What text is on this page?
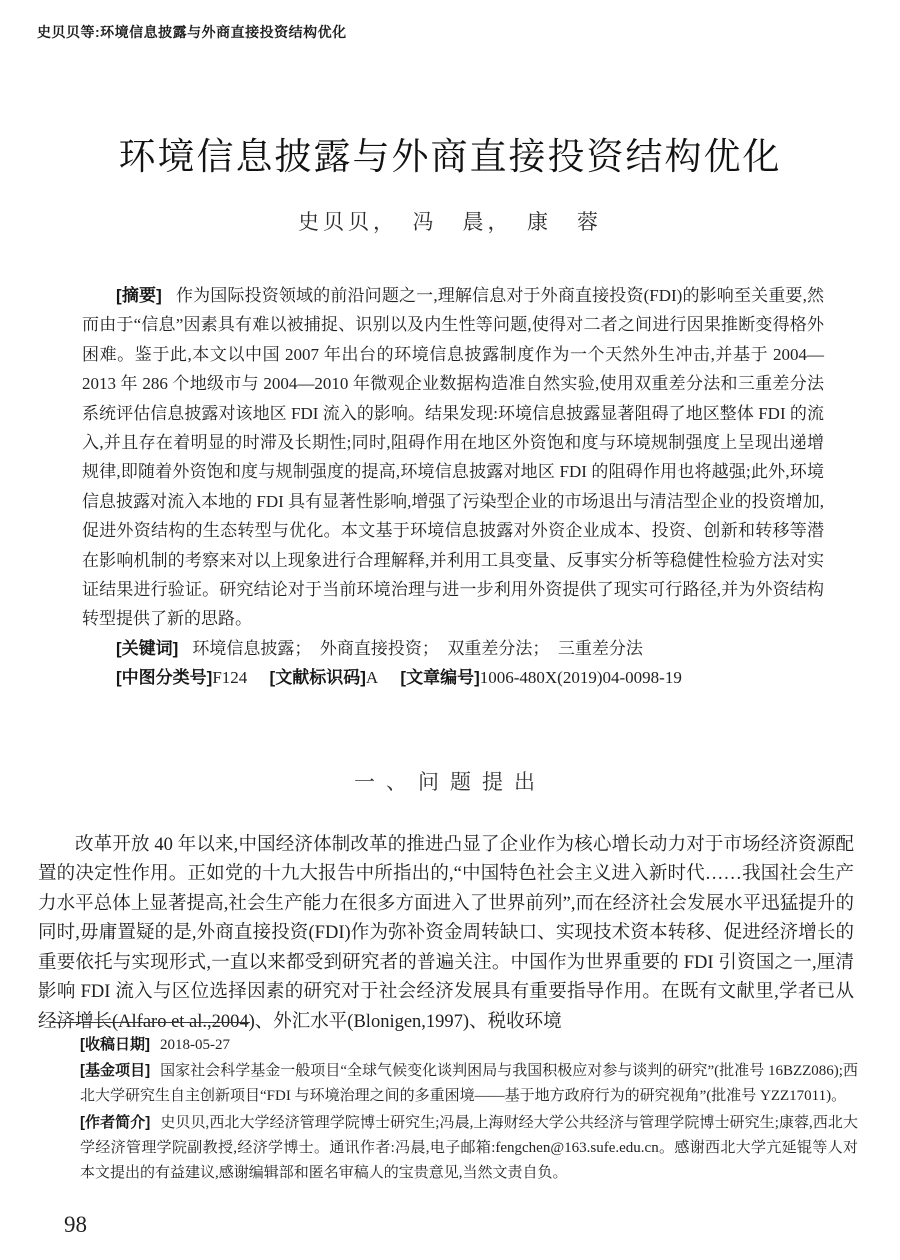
史贝贝等:环境信息披露与外商直接投资结构优化
环境信息披露与外商直接投资结构优化
史贝贝，　冯　晨，　康　蓉

[摘要] 作为国际投资领域的前沿问题之一,理解信息对于外商直接投资(FDI)的影响至关重要,然而由于“信息”因素具有难以被捕捉、识别以及内生性等问题,使得对二者之间进行因果推断变得格外困难。鉴于此,本文以中国 2007 年出台的环境信息披露制度作为一个天然外生冲击,并基于 2004—2013 年 286 个地级市与 2004—2010 年微观企业数据构造准自然实验,使用双重差分法和三重差分法系统评估信息披露对该地区 FDI 流入的影响。结果发现:环境信息披露显著阻碍了地区整体 FDI 的流入,并且存在着明显的时滞及长期性;同时,阻碍作用在地区外资饱和度与环境规制强度上呈现出递增规律,即随着外资饱和度与规制强度的提高,环境信息披露对地区 FDI 的阻碍作用也将越强;此外,环境信息披露对流入本地的 FDI 具有显著性影响,增强了污染型企业的市场退出与清洁型企业的投资增加,促进外资结构的生态转型与优化。本文基于环境信息披露对外资企业成本、投资、创新和转移等潜在影响机制的考察来对以上现象进行合理解释,并利用工具变量、反事实分析等稳健性检验方法对实证结果进行验证。研究结论对于当前环境治理与进一步利用外资提供了现实可行路径,并为外资结构转型提供了新的思路。

[关键词] 环境信息披露；　外商直接投资；　双重差分法；　三重差分法

[中图分类号]F124 [文献标识码]A [文章编号]1006-480X(2019)04-0098-19

一、问题提出

改革开放 40 年以来,中国经济体制改革的推进凸显了企业作为核心增长动力对于市场经济资源配置的决定性作用。正如党的十九大报告中所指出的,“中国特色社会主义进入新时代……我国社会生产力水平总体上显著提高,社会生产能力在很多方面进入了世界前列”,而在经济社会发展水平迅猛提升的同时,毋庸置疑的是,外商直接投资(FDI)作为弥补资金周转缺口、实现技术资本转移、促进经济增长的重要依托与实现形式,一直以来都受到研究者的普遍关注。中国作为世界重要的 FDI 引资国之一,厘清影响 FDI 流入与区位选择因素的研究对于社会经济发展具有重要指导作用。在既有文献里,学者已从经济增长(Alfaro et al.,2004)、外汇水平(Blonigen,1997)、税收环境

[收稿日期] 2018-05-27

[基金项目] 国家社会科学基金一般项目“全球气候变化谈判困局与我国积极应对参与谈判的研究”(批准号 16BZZ086);西北大学研究生自主创新项目“FDI 与环境治理之间的多重困境——基于地方政府行为的研究视角”(批准号 YZZ17011)。

[作者简介] 史贝贝,西北大学经济管理学院博士研究生;冯晨,上海财经大学公共经济与管理学院博士研究生;康蓉,西北大学经济管理学院副教授,经济学博士。通讯作者:冯晨,电子邮箱:fengchen@163.sufe.edu.cn。感谢西北大学亢延锟等人对本文提出的有益建议,感谢编辑部和匿名审稿人的宝贵意见,当然文责自负。

98
